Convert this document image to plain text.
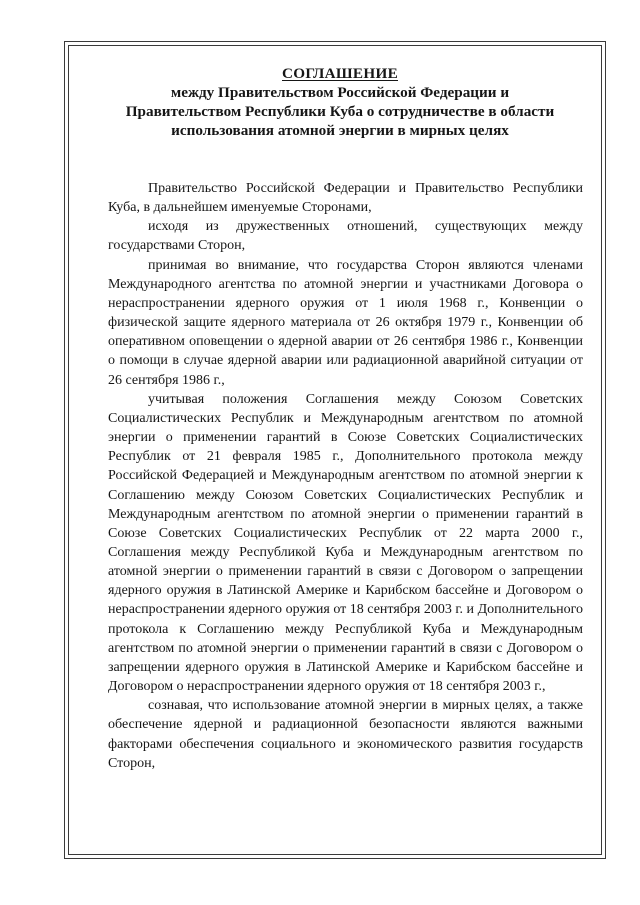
СОГЛАШЕНИЕ
между Правительством Российской Федерации и
Правительством Республики Куба о сотрудничестве в области
использования атомной энергии в мирных целях

Правительство Российской Федерации и Правительство Республики Куба, в дальнейшем именуемые Сторонами,

исходя из дружественных отношений, существующих между государствами Сторон,

принимая во внимание, что государства Сторон являются членами Международного агентства по атомной энергии и участниками Договора о нераспространении ядерного оружия от 1 июля 1968 г., Конвенции о физической защите ядерного материала от 26 октября 1979 г., Конвенции об оперативном оповещении о ядерной аварии от 26 сентября 1986 г., Конвенции о помощи в случае ядерной аварии или радиационной аварийной ситуации от 26 сентября 1986 г.,

учитывая положения Соглашения между Союзом Советских Социалистических Республик и Международным агентством по атомной энергии о применении гарантий в Союзе Советских Социалистических Республик от 21 февраля 1985 г., Дополнительного протокола между Российской Федерацией и Международным агентством по атомной энергии к Соглашению между Союзом Советских Социалистических Республик и Международным агентством по атомной энергии о применении гарантий в Союзе Советских Социалистических Республик от 22 марта 2000 г., Соглашения между Республикой Куба и Международным агентством по атомной энергии о применении гарантий в связи с Договором о запрещении ядерного оружия в Латинской Америке и Карибском бассейне и Договором о нераспространении ядерного оружия от 18 сентября 2003 г. и Дополнительного протокола к Соглашению между Республикой Куба и Международным агентством по атомной энергии о применении гарантий в связи с Договором о запрещении ядерного оружия в Латинской Америке и Карибском бассейне и Договором о нераспространении ядерного оружия от 18 сентября 2003 г.,

сознавая, что использование атомной энергии в мирных целях, а также обеспечение ядерной и радиационной безопасности являются важными факторами обеспечения социального и экономического развития государств Сторон,
